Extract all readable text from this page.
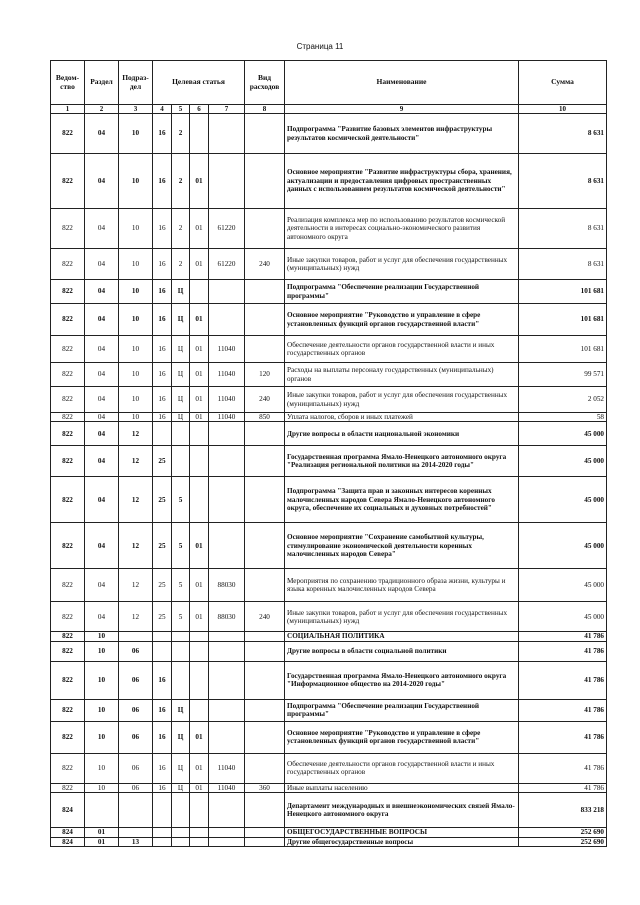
Страница 11
Ведом-ство	Раздел	Подраз-дел	Целевая статья				Вид расходов	Наименование	Сумма
1	2	3	4	5	6	7	8	9	10
822	04	10	16	2				Подпрограмма "Развитие базовых элементов инфраструктуры результатов космической деятельности"	8 631
822	04	10	16	2	01			Основное мероприятие "Развитие инфраструктуры сбора, хранения, актуализации и предоставления цифровых пространственных данных с использованием результатов космической деятельности"	8 631
822	04	10	16	2	01	61220		Реализация комплекса мер по использованию результатов космической деятельности в интересах социально-экономического развития автономного округа	8 631
822	04	10	16	2	01	61220	240	Иные закупки товаров, работ и услуг для обеспечения государственных (муниципальных) нужд	8 631
822	04	10	16	Ц				Подпрограмма "Обеспечение реализации Государственной программы"	101 681
822	04	10	16	Ц	01			Основное мероприятие "Руководство и управление в сфере установленных функций органов государственной власти"	101 681
822	04	10	16	Ц	01	11040		Обеспечение деятельности органов государственной власти и иных государственных органов	101 681
822	04	10	16	Ц	01	11040	120	Расходы на выплаты персоналу государственных (муниципальных) органов	99 571
822	04	10	16	Ц	01	11040	240	Иные закупки товаров, работ и услуг для обеспечения государственных (муниципальных) нужд	2 052
822	04	10	16	Ц	01	11040	850	Уплата налогов, сборов и иных платежей	58
822	04	12						Другие вопросы в области национальной экономики	45 000
822	04	12	25					Государственная программа Ямало-Ненецкого автономного округа "Реализация региональной политики на 2014-2020 годы"	45 000
822	04	12	25	5				Подпрограмма "Защита прав и законных интересов коренных малочисленных народов Севера Ямало-Ненецкого автономного округа, обеспечение их социальных и духовных потребностей"	45 000
822	04	12	25	5	01			Основное мероприятие "Сохранение самобытной культуры, стимулирование экономической деятельности коренных малочисленных народов Севера"	45 000
822	04	12	25	5	01	88030		Мероприятия по сохранению традиционного образа жизни, культуры и языка коренных малочисленных народов Севера	45 000
822	04	12	25	5	01	88030	240	Иные закупки товаров, работ и услуг для обеспечения государственных (муниципальных) нужд	45 000
822	10							СОЦИАЛЬНАЯ ПОЛИТИКА	41 786
822	10	06						Другие вопросы в области социальной политики	41 786
822	10	06	16					Государственная программа Ямало-Ненецкого автономного округа "Информационное общество на 2014-2020 годы"	41 786
822	10	06	16	Ц				Подпрограмма "Обеспечение реализации Государственной программы"	41 786
822	10	06	16	Ц	01			Основное мероприятие "Руководство и управление в сфере установленных функций органов государственной власти"	41 786
822	10	06	16	Ц	01	11040		Обеспечение деятельности органов государственной власти и иных государственных органов	41 786
822	10	06	16	Ц	01	11040	360	Иные выплаты населению	41 786
824								Департамент международных и внешнеэкономических связей Ямало-Ненецкого автономного округа	833 218
824	01							ОБЩЕГОСУДАРСТВЕННЫЕ ВОПРОСЫ	252 690
824	01	13						Другие общегосударственные вопросы	252 690
